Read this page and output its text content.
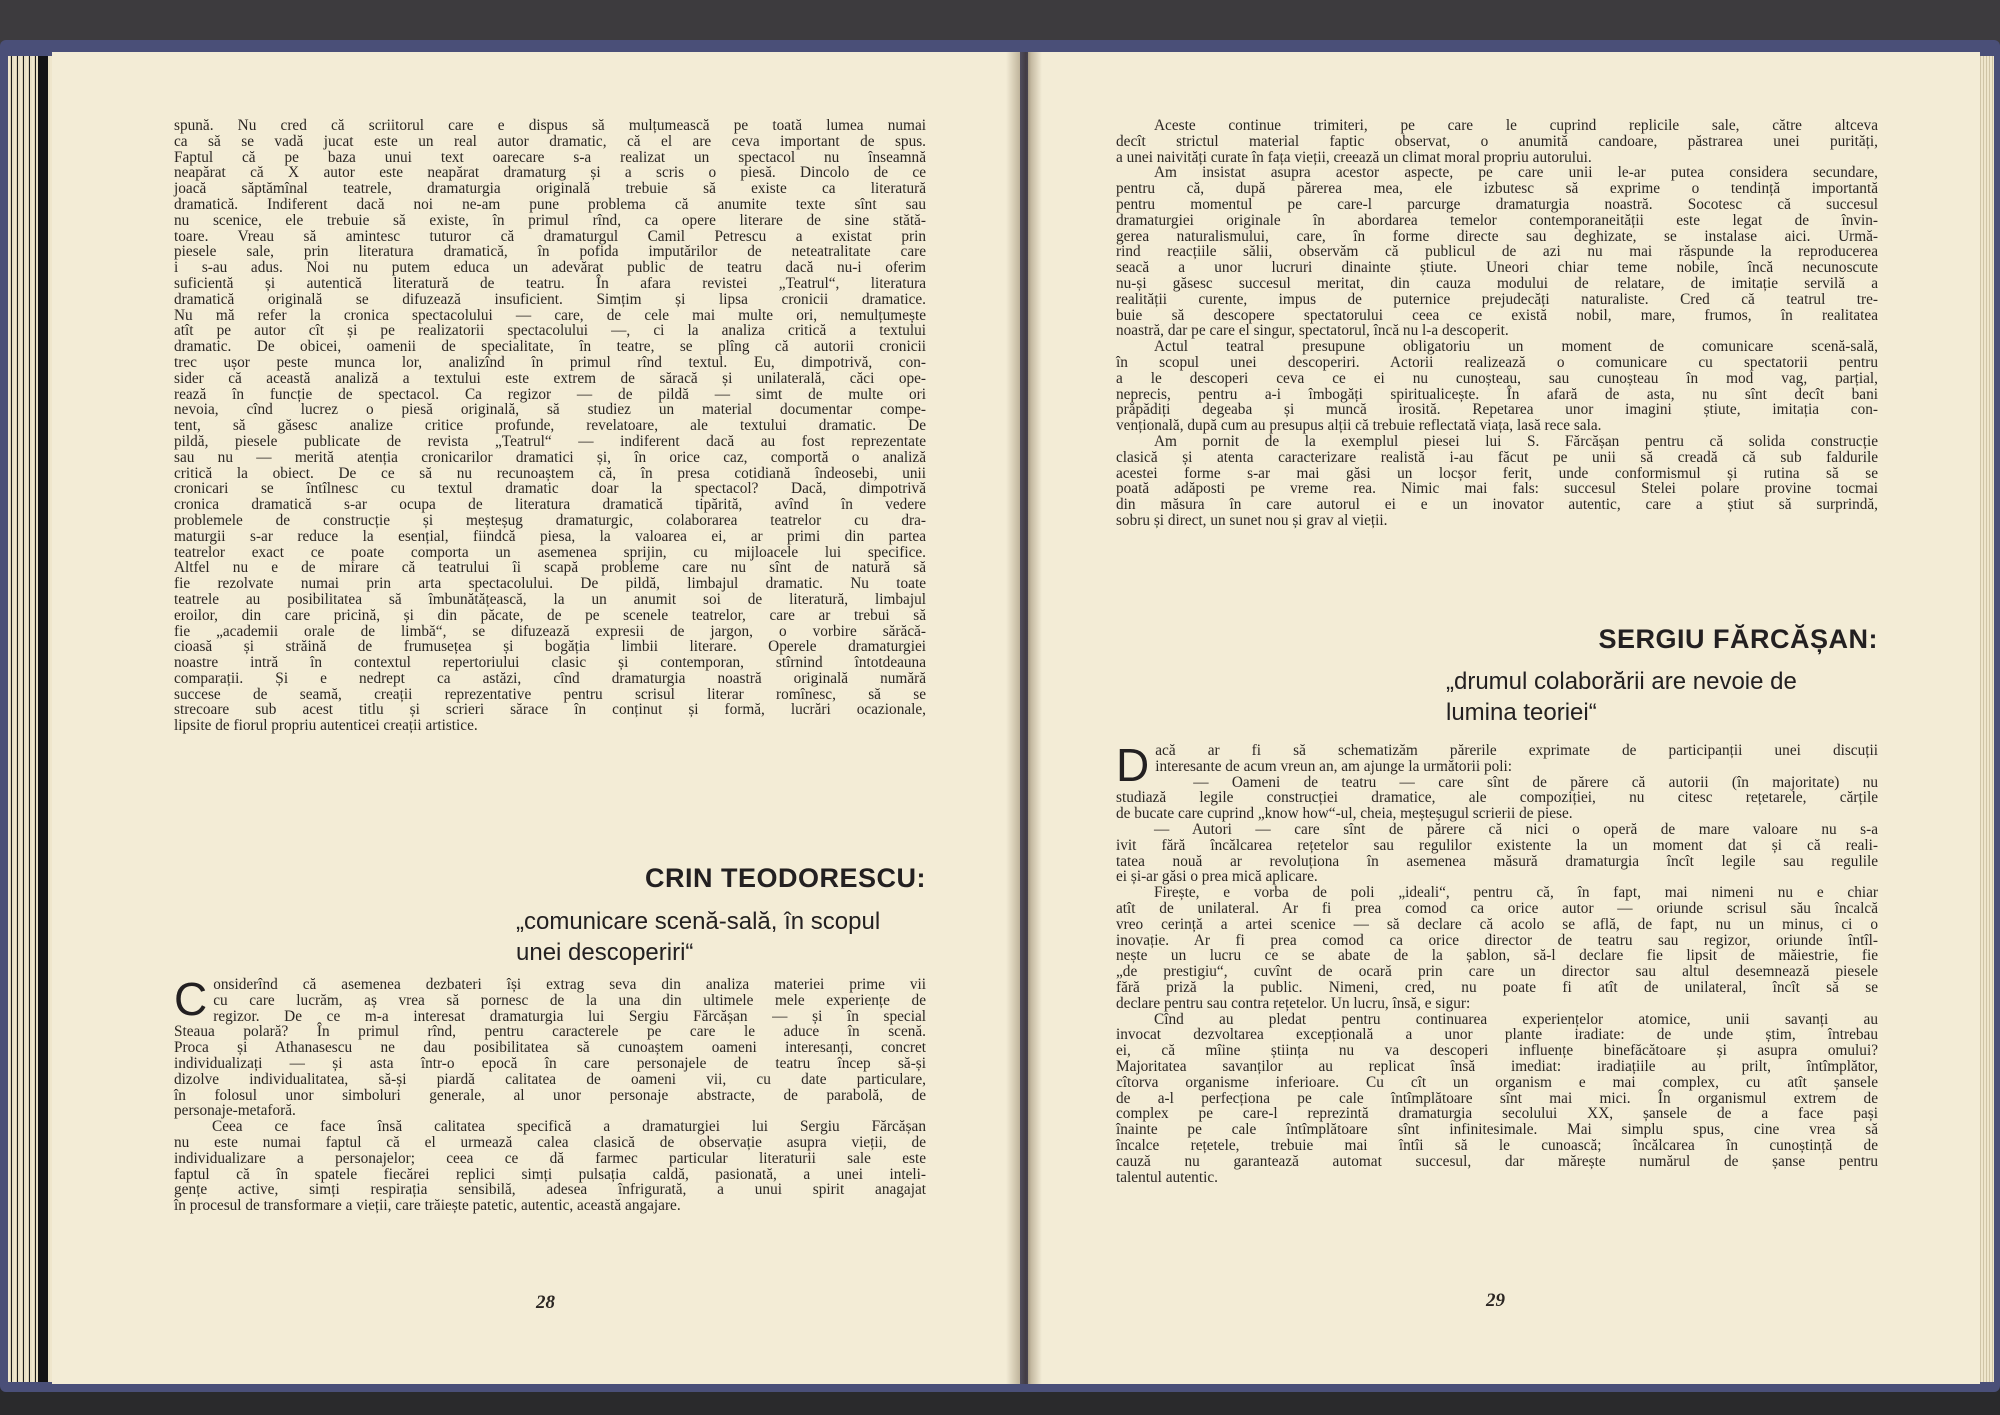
spună. Nu cred că scriitorul care e dispus să mulțumească pe toată lumea numai

ca să se vadă jucat este un real autor dramatic, că el are ceva important de spus.

Faptul că pe baza unui text oarecare s-a realizat un spectacol nu înseamnă

neapărat că X autor este neapărat dramaturg și a scris o piesă. Dincolo de ce

joacă săptămînal teatrele, dramaturgia originală trebuie să existe ca literatură

dramatică. Indiferent dacă noi ne-am pune problema că anumite texte sînt sau

nu scenice, ele trebuie să existe, în primul rînd, ca opere literare de sine stătă-

toare. Vreau să amintesc tuturor că dramaturgul Camil Petrescu a existat prin

piesele sale, prin literatura dramatică, în pofida imputărilor de neteatralitate care

i s-au adus. Noi nu putem educa un adevărat public de teatru dacă nu-i oferim

suficientă și autentică literatură de teatru. În afara revistei „Teatrul“, literatura

dramatică originală se difuzează insuficient. Simțim și lipsa cronicii dramatice.

Nu mă refer la cronica spectacolului — care, de cele mai multe ori, nemulțumește

atît pe autor cît și pe realizatorii spectacolului —, ci la analiza critică a textului

dramatic. De obicei, oamenii de specialitate, în teatre, se plîng că autorii cronicii

trec ușor peste munca lor, analizînd în primul rînd textul. Eu, dimpotrivă, con-

sider că această analiză a textului este extrem de săracă și unilaterală, căci ope-

rează în funcție de spectacol. Ca regizor — de pildă — simt de multe ori

nevoia, cînd lucrez o piesă originală, să studiez un material documentar compe-

tent, să găsesc analize critice profunde, revelatoare, ale textului dramatic. De

pildă, piesele publicate de revista „Teatrul“ — indiferent dacă au fost reprezentate

sau nu — merită atenția cronicarilor dramatici și, în orice caz, comportă o analiză

critică la obiect. De ce să nu recunoaștem că, în presa cotidiană îndeosebi, unii

cronicari se întîlnesc cu textul dramatic doar la spectacol? Dacă, dimpotrivă

cronica dramatică s-ar ocupa de literatura dramatică tipărită, avînd în vedere

problemele de construcție și meșteșug dramaturgic, colaborarea teatrelor cu dra-

maturgii s-ar reduce la esențial, fiindcă piesa, la valoarea ei, ar primi din partea

teatrelor exact ce poate comporta un asemenea sprijin, cu mijloacele lui specifice.

Altfel nu e de mirare că teatrului îi scapă probleme care nu sînt de natură să

fie rezolvate numai prin arta spectacolului. De pildă, limbajul dramatic. Nu toate

teatrele au posibilitatea să îmbunătățească, la un anumit soi de literatură, limbajul

eroilor, din care pricină, și din păcate, de pe scenele teatrelor, care ar trebui să

fie „academii orale de limbă“, se difuzează expresii de jargon, o vorbire sărăcă-

cioasă și străină de frumusețea și bogăția limbii literare. Operele dramaturgiei

noastre intră în contextul repertoriului clasic și contemporan, stîrnind întotdeauna

comparații. Și e nedrept ca astăzi, cînd dramaturgia noastră originală numără

succese de seamă, creații reprezentative pentru scrisul literar romînesc, să se

strecoare sub acest titlu și scrieri sărace în conținut și formă, lucrări ocazionale,

lipsite de fiorul propriu autenticei creații artistice.

CRIN TEODORESCU:
„comunicare scenă-sală, în scopul
unei descoperiri“
C onsiderînd că asemenea dezbateri își extrag seva din analiza materiei prime vii

cu care lucrăm, aș vrea să pornesc de la una din ultimele mele experiențe de

regizor. De ce m-a interesat dramaturgia lui Sergiu Fărcășan — și în special

Steaua polară? În primul rînd, pentru caracterele pe care le aduce în scenă.

Proca și Athanasescu ne dau posibilitatea să cunoaștem oameni interesanți, concret

individualizați — și asta într-o epocă în care personajele de teatru încep să-și

dizolve individualitatea, să-și piardă calitatea de oameni vii, cu date particulare,

în folosul unor simboluri generale, al unor personaje abstracte, de parabolă, de

personaje-metaforă.

Ceea ce face însă calitatea specifică a dramaturgiei lui Sergiu Fărcășan

nu este numai faptul că el urmează calea clasică de observație asupra vieții, de

individualizare a personajelor; ceea ce dă farmec particular literaturii sale este

faptul că în spatele fiecărei replici simți pulsația caldă, pasionată, a unei inteli-

gențe active, simți respirația sensibilă, adesea înfrigurată, a unui spirit anagajat

în procesul de transformare a vieții, care trăiește patetic, autentic, această angajare.

28

Aceste continue trimiteri, pe care le cuprind replicile sale, către altceva

decît strictul material faptic observat, o anumită candoare, păstrarea unei purități,

a unei naivități curate în fața vieții, creează un climat moral propriu autorului.

Am insistat asupra acestor aspecte, pe care unii le-ar putea considera secundare,

pentru că, după părerea mea, ele izbutesc să exprime o tendință importantă

pentru momentul pe care-l parcurge dramaturgia noastră. Socotesc că succesul

dramaturgiei originale în abordarea temelor contemporaneității este legat de învin-

gerea naturalismului, care, în forme directe sau deghizate, se instalase aici. Urmă-

rind reacțiile sălii, observăm că publicul de azi nu mai răspunde la reproducerea

seacă a unor lucruri dinainte știute. Uneori chiar teme nobile, încă necunoscute

nu-și găsesc succesul meritat, din cauza modului de relatare, de imitație servilă a

realității curente, impus de puternice prejudecăți naturaliste. Cred că teatrul tre-

buie să descopere spectatorului ceea ce există nobil, mare, frumos, în realitatea

noastră, dar pe care el singur, spectatorul, încă nu l-a descoperit.

Actul teatral presupune obligatoriu un moment de comunicare scenă-sală,

în scopul unei descoperiri. Actorii realizează o comunicare cu spectatorii pentru

a le descoperi ceva ce ei nu cunoșteau, sau cunoșteau în mod vag, parțial,

neprecis, pentru a-i îmbogăți spiritualicește. În afară de asta, nu sînt decît bani

prăpădiți degeaba și muncă irosită. Repetarea unor imagini știute, imitația con-

vențională, după cum au presupus alții că trebuie reflectată viața, lasă rece sala.

Am pornit de la exemplul piesei lui S. Fărcășan pentru că solida construcție

clasică și atenta caracterizare realistă i-au făcut pe unii să creadă că sub faldurile

acestei forme s-ar mai găsi un locșor ferit, unde conformismul și rutina să se

poată adăposti pe vreme rea. Nimic mai fals: succesul Stelei polare provine tocmai

din măsura în care autorul ei e un inovator autentic, care a știut să surprindă,

sobru și direct, un sunet nou și grav al vieții.

SERGIU FĂRCĂȘAN:
„drumul colaborării are nevoie de
lumina teoriei“
D acă ar fi să schematizăm părerile exprimate de participanții unei discuții

interesante de acum vreun an, am ajunge la următorii poli:

— Oameni de teatru — care sînt de părere că autorii (în majoritate) nu

studiază legile construcției dramatice, ale compoziției, nu citesc rețetarele, cărțile

de bucate care cuprind „know how“-ul, cheia, meșteșugul scrierii de piese.

— Autori — care sînt de părere că nici o operă de mare valoare nu s-a

ivit fără încălcarea rețetelor sau regulilor existente la un moment dat și că reali-

tatea nouă ar revoluționa în asemenea măsură dramaturgia încît legile sau regulile

ei și-ar găsi o prea mică aplicare.

Firește, e vorba de poli „ideali“, pentru că, în fapt, mai nimeni nu e chiar

atît de unilateral. Ar fi prea comod ca orice autor — oriunde scrisul său încalcă

vreo cerință a artei scenice — să declare că acolo se află, de fapt, nu un minus, ci o

inovație. Ar fi prea comod ca orice director de teatru sau regizor, oriunde întîl-

nește un lucru ce se abate de la șablon, să-l declare fie lipsit de măiestrie, fie

„de prestigiu“, cuvînt de ocară prin care un director sau altul desemnează piesele

fără priză la public. Nimeni, cred, nu poate fi atît de unilateral, încît să se

declare pentru sau contra rețetelor. Un lucru, însă, e sigur:

Cînd au pledat pentru continuarea experiențelor atomice, unii savanți au

invocat dezvoltarea excepțională a unor plante iradiate: de unde știm, întrebau

ei, că mîine știința nu va descoperi influențe binefăcătoare și asupra omului?

Majoritatea savanților au replicat însă imediat: iradiațiile au prilt, întîmplător,

cîtorva organisme inferioare. Cu cît un organism e mai complex, cu atît șansele

de a-l perfecționa pe cale întîmplătoare sînt mai mici. În organismul extrem de

complex pe care-l reprezintă dramaturgia secolului XX, șansele de a face pași

înainte pe cale întîmplătoare sînt infinitesimale. Mai simplu spus, cine vrea să

încalce rețetele, trebuie mai întîi să le cunoască; încălcarea în cunoștință de

cauză nu garantează automat succesul, dar mărește numărul de șanse pentru

talentul autentic.

29
